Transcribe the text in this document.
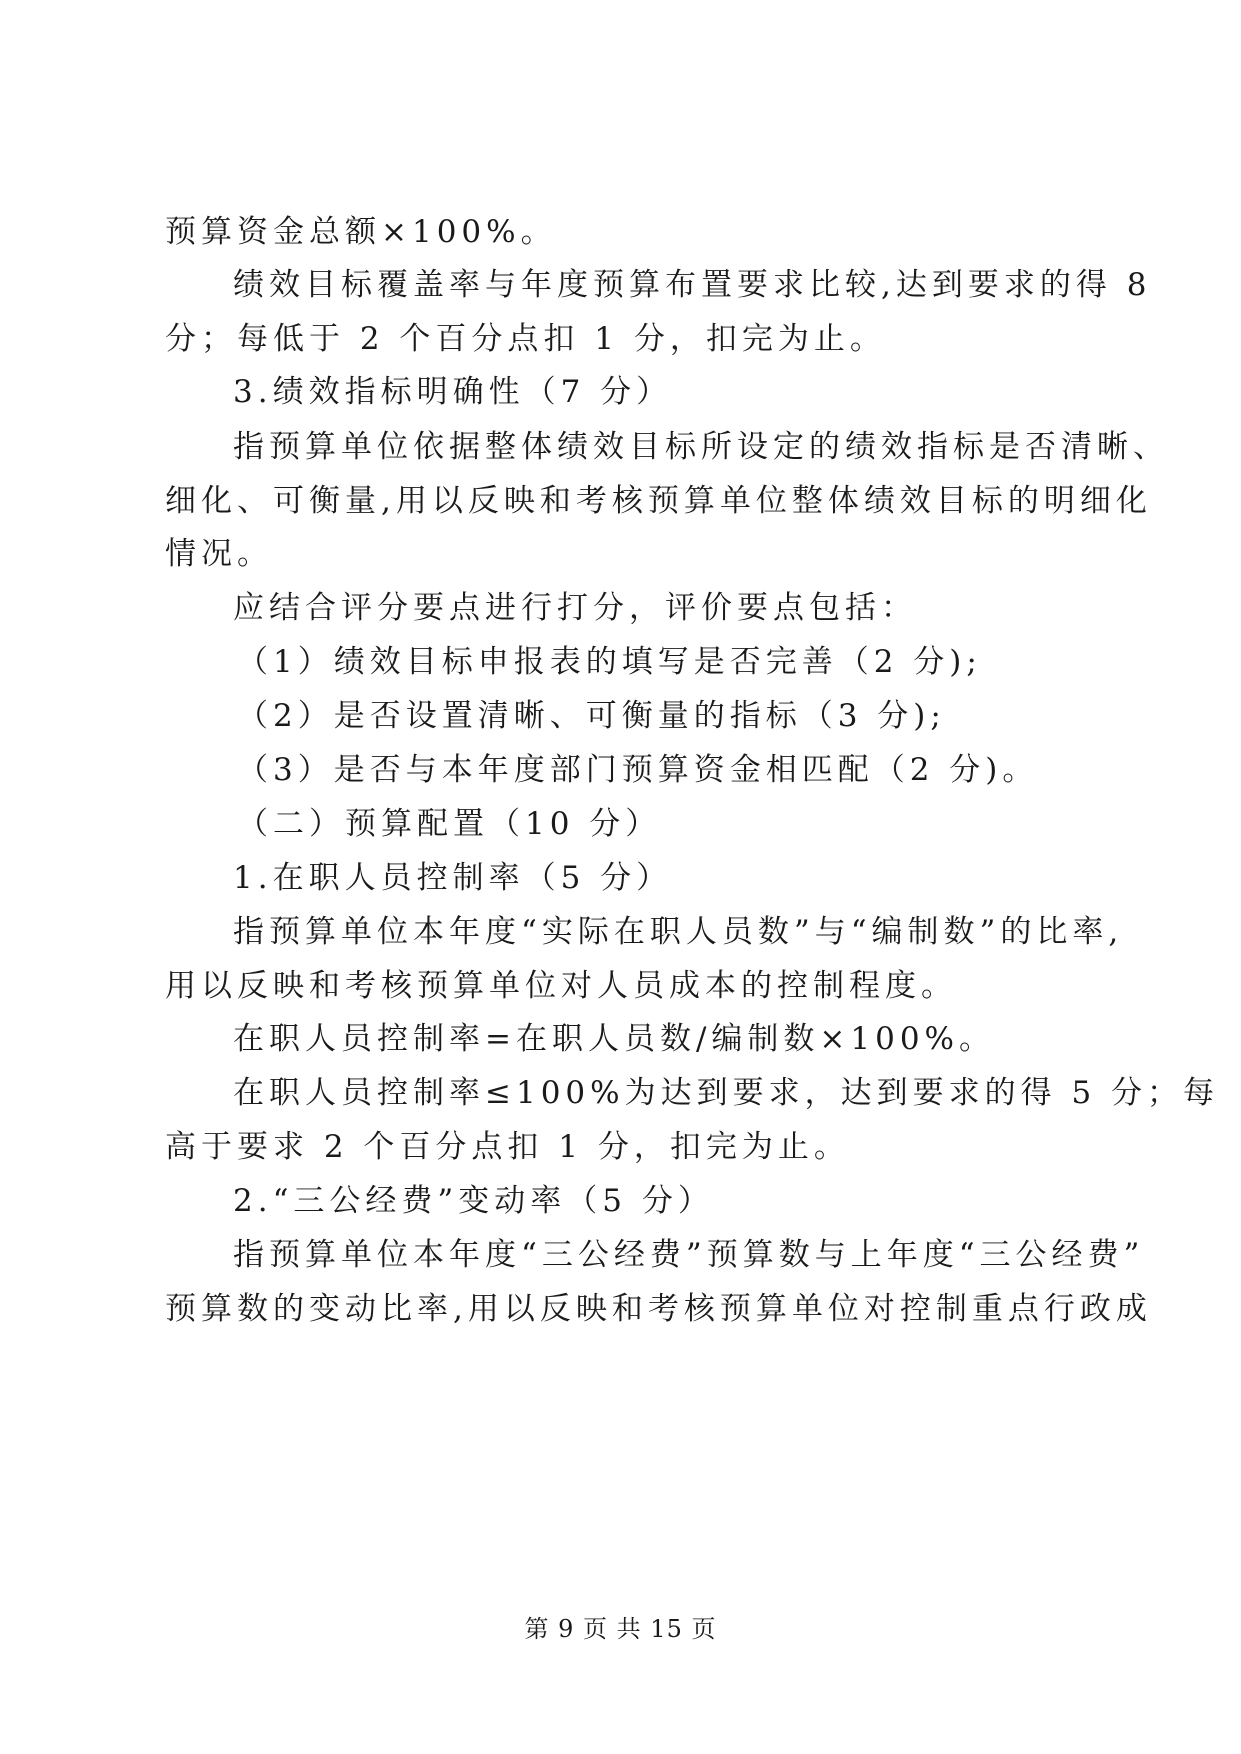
预算资金总额×100%。
绩效目标覆盖率与年度预算布置要求比较,达到要求的得 8
分；每低于 2 个百分点扣 1 分，扣完为止。
3.绩效指标明确性（7 分）
指预算单位依据整体绩效目标所设定的绩效指标是否清晰、
细化、可衡量,用以反映和考核预算单位整体绩效目标的明细化
情况。
应结合评分要点进行打分，评价要点包括：
（1）绩效目标申报表的填写是否完善（2 分);
（2）是否设置清晰、可衡量的指标（3 分);
（3）是否与本年度部门预算资金相匹配（2 分)。
（二）预算配置（10 分）
1.在职人员控制率（5 分）
指预算单位本年度“实际在职人员数”与“编制数”的比率,
用以反映和考核预算单位对人员成本的控制程度。
在职人员控制率=在职人员数/编制数×100%。
在职人员控制率≤100%为达到要求，达到要求的得 5 分；每
高于要求 2 个百分点扣 1 分，扣完为止。
2.“三公经费”变动率（5 分）
指预算单位本年度“三公经费”预算数与上年度“三公经费”
预算数的变动比率,用以反映和考核预算单位对控制重点行政成
第 9 页 共 15 页
